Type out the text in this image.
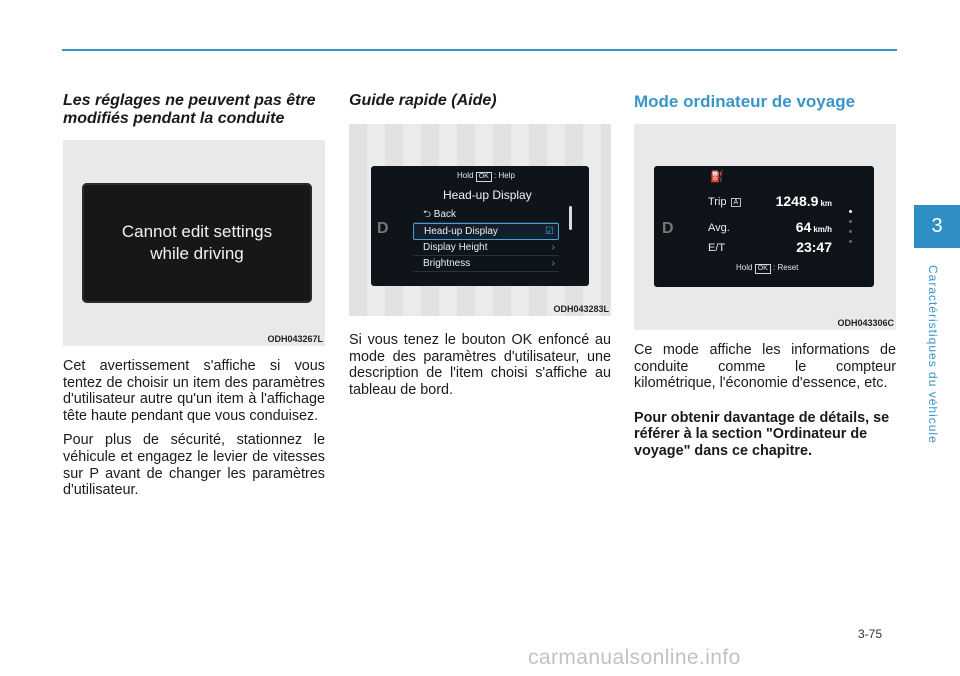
Les réglages ne peuvent pas être modifiés pendant la conduite
Cannot edit settings
while driving
ODH043267L

Cet avertissement s'affiche si vous tentez de choisir un item des paramètres d'utilisateur autre qu'un item à l'affichage tête haute pendant que vous conduisez.

Pour plus de sécurité, stationnez le véhicule et engagez le levier de vitesses sur P avant de changer les paramètres d'utilisateur.

Guide rapide (Aide)
D
Hold OK : Help
Head-up Display
⮌ Back
Head-up Display	☑
Display Height	›
Brightness	›
ODH043283L

Si vous tenez le bouton OK enfoncé au mode des paramètres d'utilisateur, une description de l'item choisi s'affiche au tableau de bord.

Mode ordinateur de voyage
D
⛽
Trip A	1248.9 km
Avg.	64 km/h
E/T	23:47
Hold OK : Reset
ODH043306C

Ce mode affiche les informations de conduite comme le compteur kilométrique, l'économie d'essence, etc.

Pour obtenir davantage de détails, se référer à la section "Ordinateur de voyage" dans ce chapitre.

3
Caractéristiques du véhicule
3-75
carmanualsonline.info
